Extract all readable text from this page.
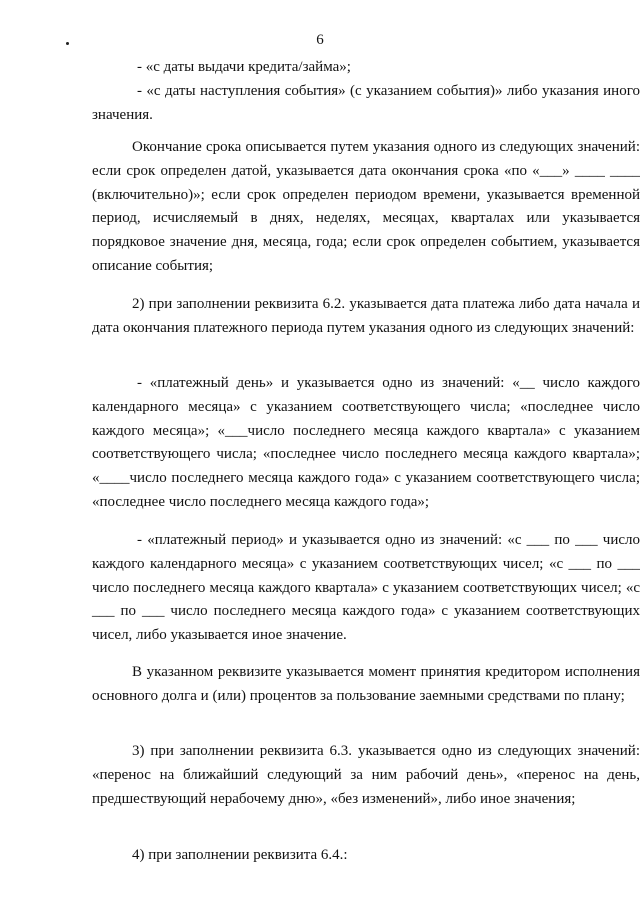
6

- «с даты выдачи кредита/займа»;

- «с даты наступления события» (с указанием события)» либо указания иного значения.

Окончание срока описывается путем указания одного из следующих значений: если срок определен датой, указывается дата окончания срока «по «___» ____ ____ (включительно)»; если срок определен периодом времени, указывается временной период, исчисляемый в днях, неделях, месяцах, кварталах или указывается порядковое значение дня, месяца, года; если срок определен событием, указывается описание события;

2) при заполнении реквизита 6.2. указывается дата платежа либо дата начала и дата окончания платежного периода путем указания одного из следующих значений:

- «платежный день» и указывается одно из значений: «__ число каждого календарного месяца» с указанием соответствующего числа; «последнее число каждого месяца»; «___число последнего месяца каждого квартала» с указанием соответствующего числа; «последнее число последнего месяца каждого квартала»; «____число последнего месяца каждого года» с указанием соответствующего числа; «последнее число последнего месяца каждого года»;

- «платежный период» и указывается одно из значений: «с ___ по ___ число каждого календарного месяца» с указанием соответствующих чисел; «с ___ по ___ число последнего месяца каждого квартала» с указанием соответствующих чисел; «с ___ по ___ число последнего месяца каждого года» с указанием соответствующих чисел, либо указывается иное значение.

В указанном реквизите указывается момент принятия кредитором исполнения основного долга и (или) процентов за пользование заемными средствами по плану;

3) при заполнении реквизита 6.3. указывается одно из следующих значений: «перенос на ближайший следующий за ним рабочий день», «перенос на день, предшествующий нерабочему дню», «без изменений», либо иное значения;

4) при заполнении реквизита 6.4.:
